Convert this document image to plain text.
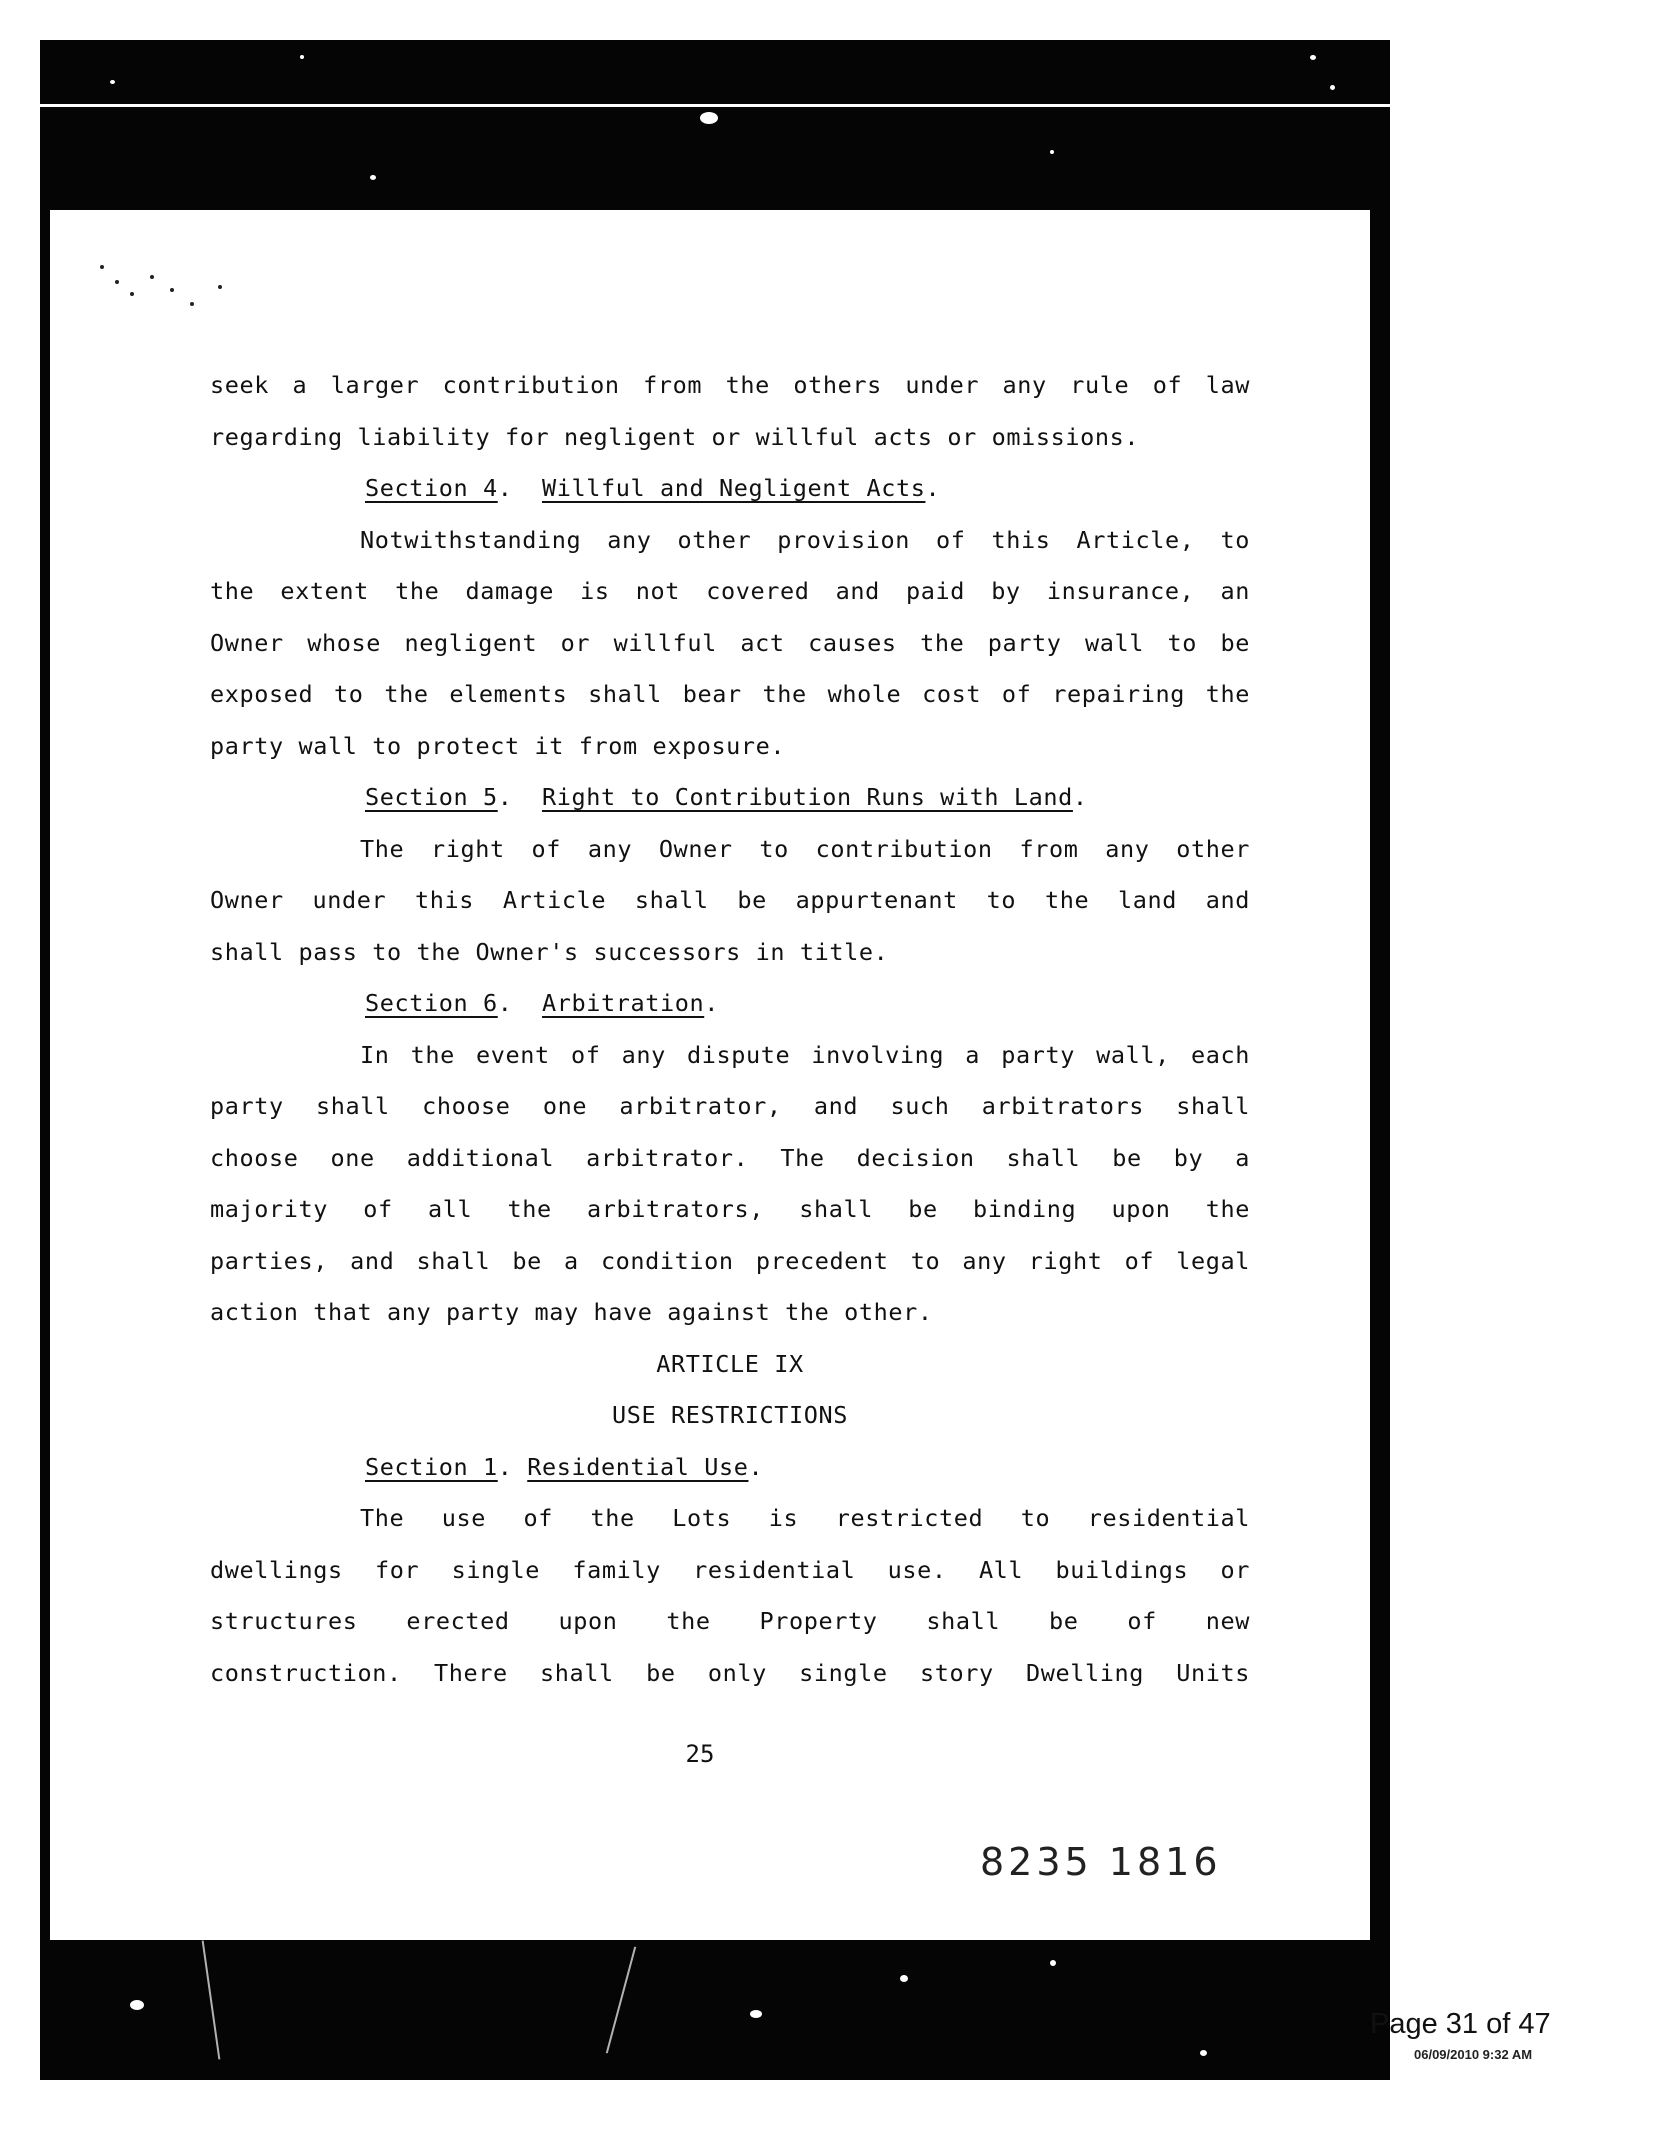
seek a larger contribution from the others under any rule of law
regarding liability for negligent or willful acts or omissions.

Section 4.  Willful and Negligent Acts.

Notwithstanding any other provision of this Article, to
the extent the damage is not covered and paid by insurance, an
Owner whose negligent or willful act causes the party wall to be
exposed to the elements shall bear the whole cost of repairing the
party wall to protect it from exposure.

Section 5.  Right to Contribution Runs with Land.

The right of any Owner to contribution from any other
Owner under this Article shall be appurtenant to the land and
shall pass to the Owner's successors in title.

Section 6.  Arbitration.

In the event of any dispute involving a party wall, each
party shall choose one arbitrator, and such arbitrators shall
choose one additional arbitrator. The decision shall be by a
majority of all the arbitrators, shall be binding upon the
parties, and shall be a condition precedent to any right of legal
action that any party may have against the other.

ARTICLE IX

USE RESTRICTIONS

Section 1. Residential Use.

The use of the Lots is restricted to residential
dwellings for single family residential use. All buildings or
structures erected upon the Property shall be of new
construction. There shall be only single story Dwelling Units

25
8235 1816
Page 31 of 47
06/09/2010 9:32 AM
